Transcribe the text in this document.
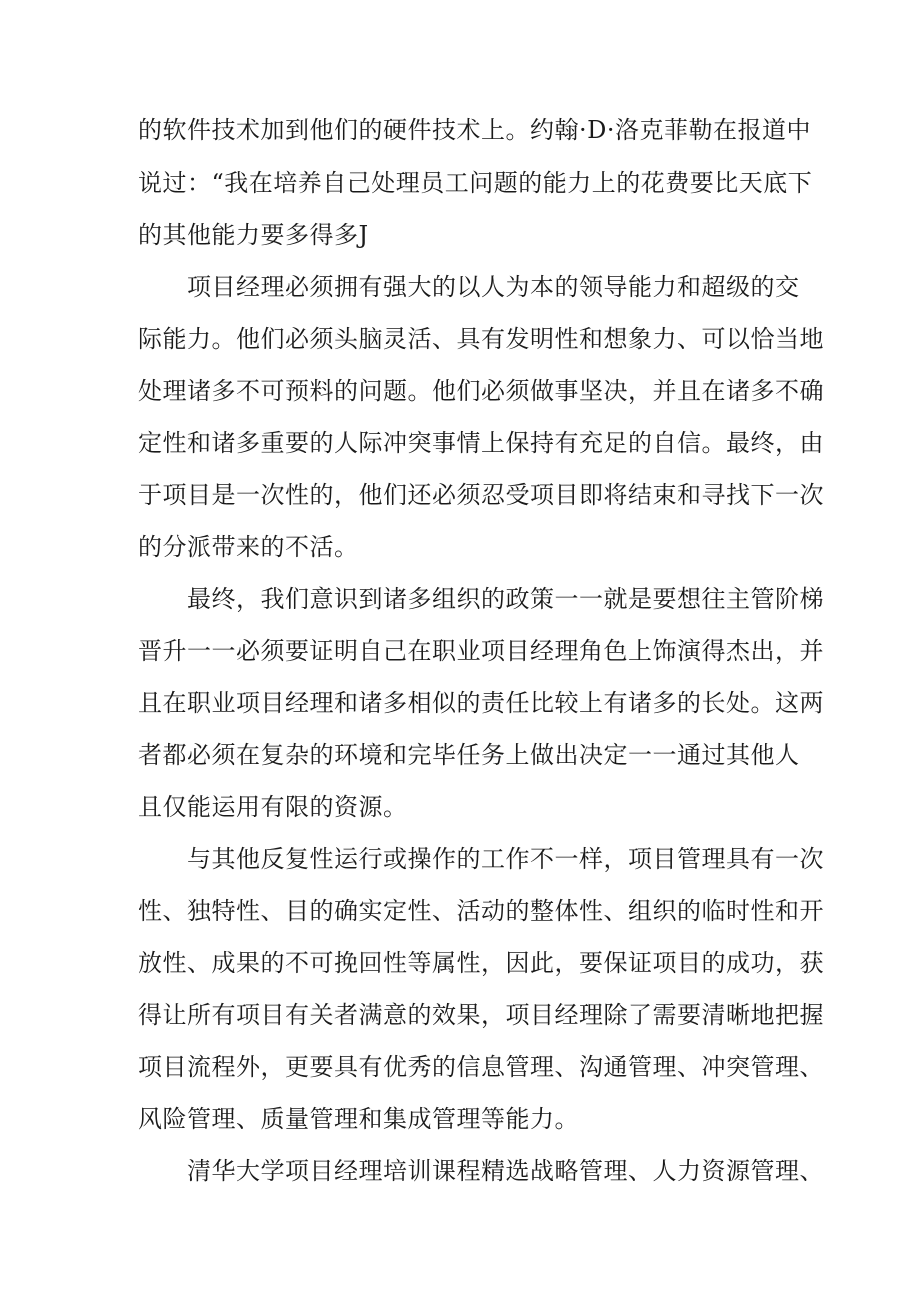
的软件技术加到他们的硬件技术上。约翰·D·洛克菲勒在报道中
说过：“我在培养自己处理员工问题的能力上的花费要比天底下
的其他能力要多得多J
项目经理必须拥有强大的以人为本的领导能力和超级的交
际能力。他们必须头脑灵活、具有发明性和想象力、可以恰当地
处理诸多不可预料的问题。他们必须做事坚决，并且在诸多不确
定性和诸多重要的人际冲突事情上保持有充足的自信。最终，由
于项目是一次性的，他们还必须忍受项目即将结束和寻找下一次
的分派带来的不活。
最终，我们意识到诸多组织的政策一一就是要想往主管阶梯
晋升一一必须要证明自己在职业项目经理角色上饰演得杰出，并
且在职业项目经理和诸多相似的责任比较上有诸多的长处。这两
者都必须在复杂的环境和完毕任务上做出决定一一通过其他人
且仅能运用有限的资源。
与其他反复性运行或操作的工作不一样，项目管理具有一次
性、独特性、目的确实定性、活动的整体性、组织的临时性和开
放性、成果的不可挽回性等属性，因此，要保证项目的成功，获
得让所有项目有关者满意的效果，项目经理除了需要清晰地把握
项目流程外，更要具有优秀的信息管理、沟通管理、冲突管理、
风险管理、质量管理和集成管理等能力。
清华大学项目经理培训课程精选战略管理、人力资源管理、
